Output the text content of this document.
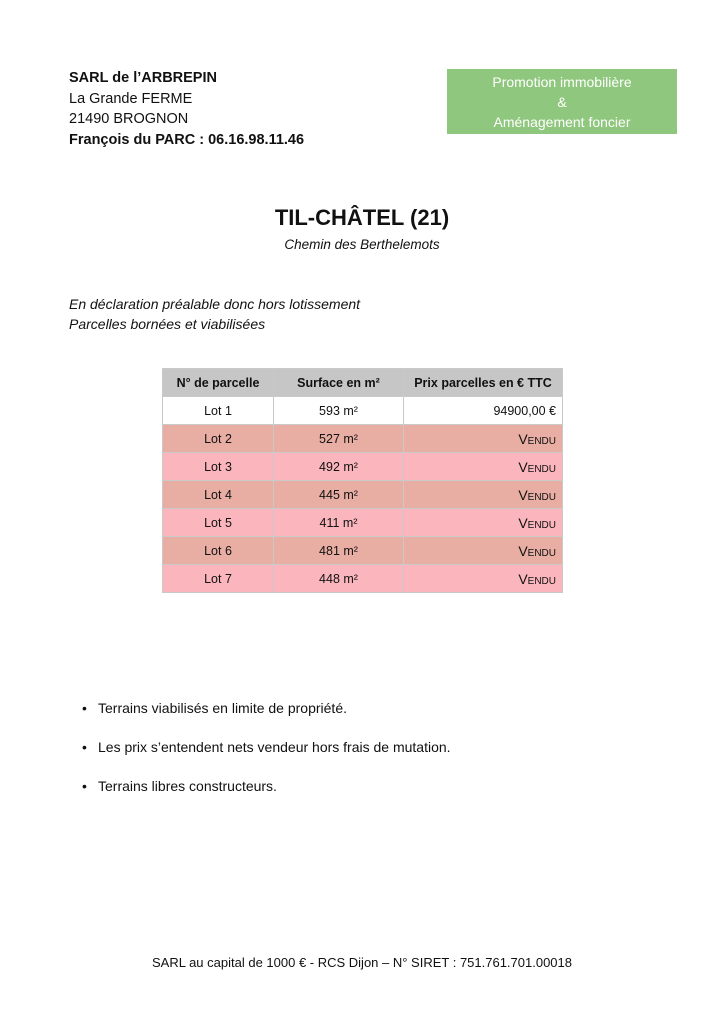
SARL de l’ARBREPIN
La Grande FERME
21490 BROGNON
François du PARC : 06.16.98.11.46
Promotion immobilière
&
Aménagement foncier
TIL-CHÂTEL (21)
Chemin des Berthelemots
En déclaration préalable donc hors lotissement
Parcelles bornées et viabilisées
N° de parcelle	Surface en m²	Prix parcelles en € TTC
Lot 1	593 m²	94900,00 €
Lot 2	527 m²	Vendu
Lot 3	492 m²	Vendu
Lot 4	445 m²	Vendu
Lot 5	411 m²	Vendu
Lot 6	481 m²	Vendu
Lot 7	448 m²	Vendu
• Terrains viabilisés en limite de propriété.
• Les prix s’entendent nets vendeur hors frais de mutation.
• Terrains libres constructeurs.
SARL au capital de 1000 € - RCS Dijon – N° SIRET : 751.761.701.00018
